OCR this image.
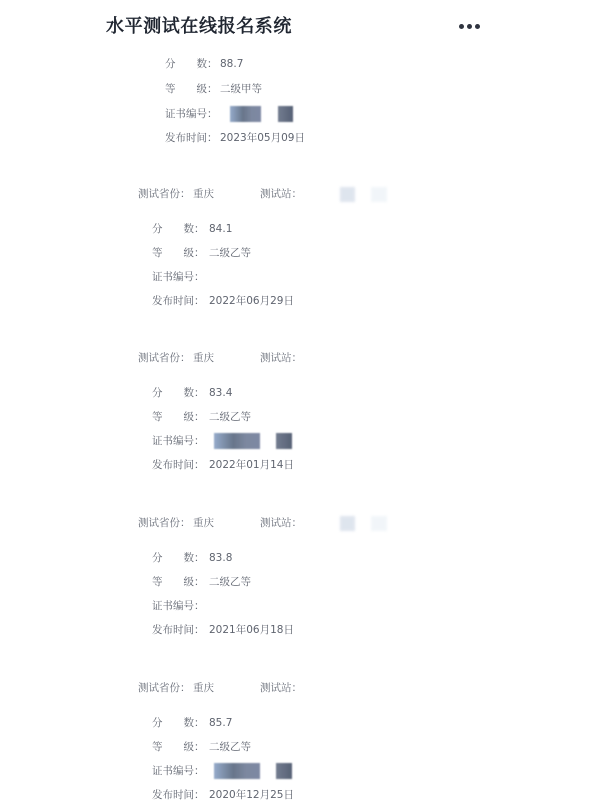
分　　数： 88.7
等　　级： 二级甲等
证书编号：
发布时间： 2023年05月09日
测试省份： 重庆	测试站：
分　　数： 84.1
等　　级： 二级乙等
证书编号：
发布时间： 2022年06月29日
测试省份： 重庆	测试站：
分　　数： 83.4
等　　级： 二级乙等
证书编号：
发布时间： 2022年01月14日
测试省份： 重庆	测试站：
分　　数： 83.8
等　　级： 二级乙等
证书编号：
发布时间： 2021年06月18日
测试省份： 重庆	测试站：
分　　数： 85.7
等　　级： 二级乙等
证书编号：
发布时间： 2020年12月25日
水平测试在线报名系统
